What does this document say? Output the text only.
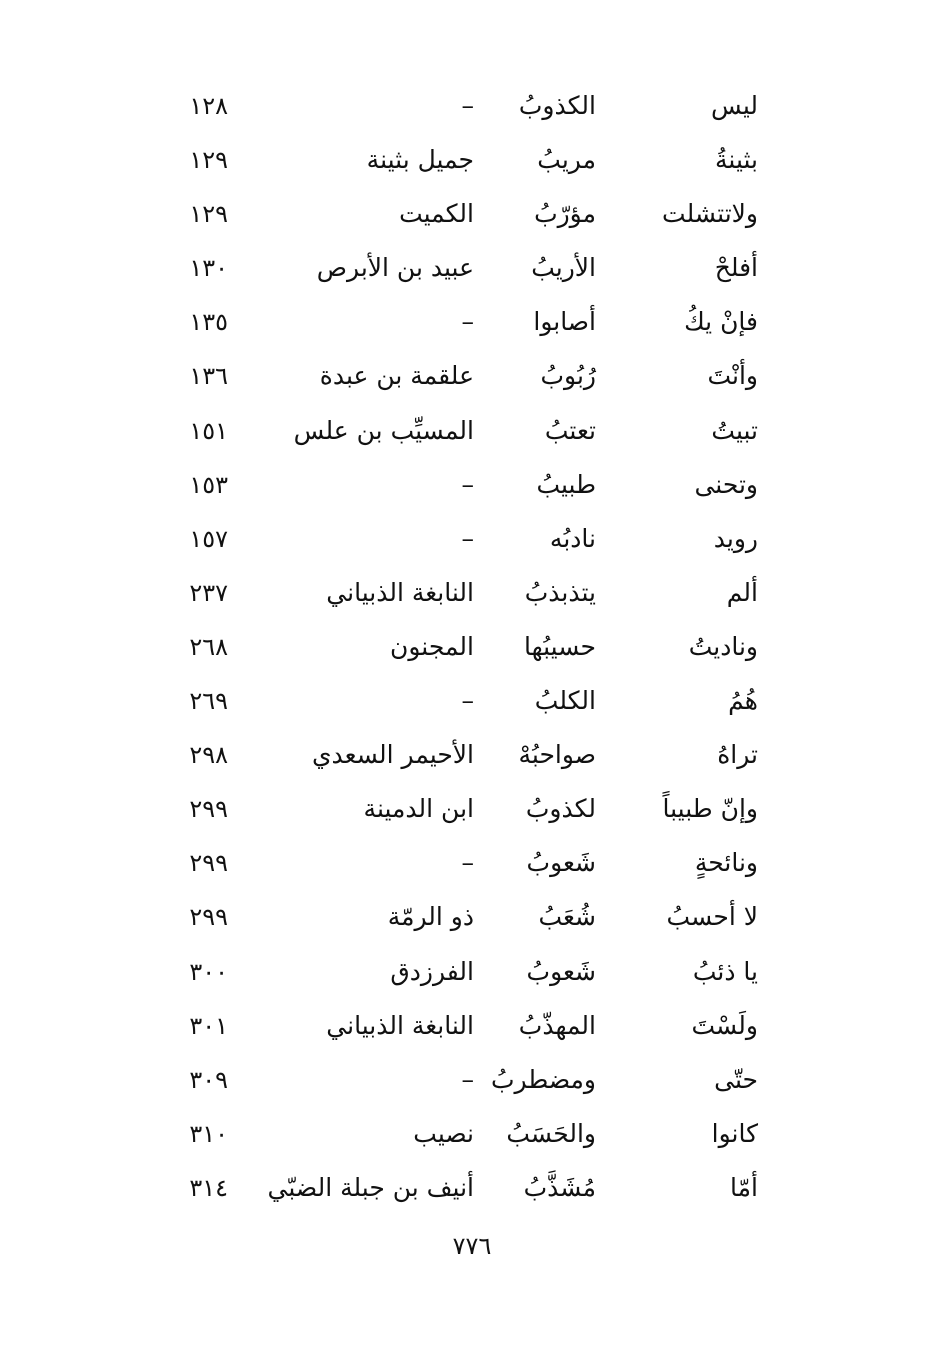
ليس
الكذوبُ
–
١٢٨
بثينةُ
مريبُ
جميل بثينة
١٢٩
ولاتتشلت
مؤرّبُ
الكميت
١٢٩
أفلحْ
الأريبُ
عبيد بن الأبرص
١٣٠
فإنْ يكُ
أصابوا
–
١٣٥
وأنْتَ
رُبُوبُ
علقمة بن عبدة
١٣٦
تبيتُ
تعتبُ
المسيِّب بن علس
١٥١
وتحنى
طبيبُ
–
١٥٣
رويد
نادبُه
–
١٥٧
ألم
يتذبذبُ
النابغة الذبياني
٢٣٧
وناديتُ
حسيبُها
المجنون
٢٦٨
هُمُ
الكلبُ
–
٢٦٩
تراهُ
صواحبُهْ
الأحيمر السعدي
٢٩٨
وإنّ طبيباً
لكذوبُ
ابن الدمينة
٢٩٩
ونائحةٍ
شَعوبُ
–
٢٩٩
لا أحسبُ
شُعَبُ
ذو الرمّة
٢٩٩
يا ذئبُ
شَعوبُ
الفرزدق
٣٠٠
ولَسْتَ
المهذّبُ
النابغة الذبياني
٣٠١
حتّى
ومضطربُ
–
٣٠٩
كانوا
والحَسَبُ
نصيب
٣١٠
أمّا
مُشَذَّبُ
أنيف بن جبلة الضبّي
٣١٤
٧٧٦
